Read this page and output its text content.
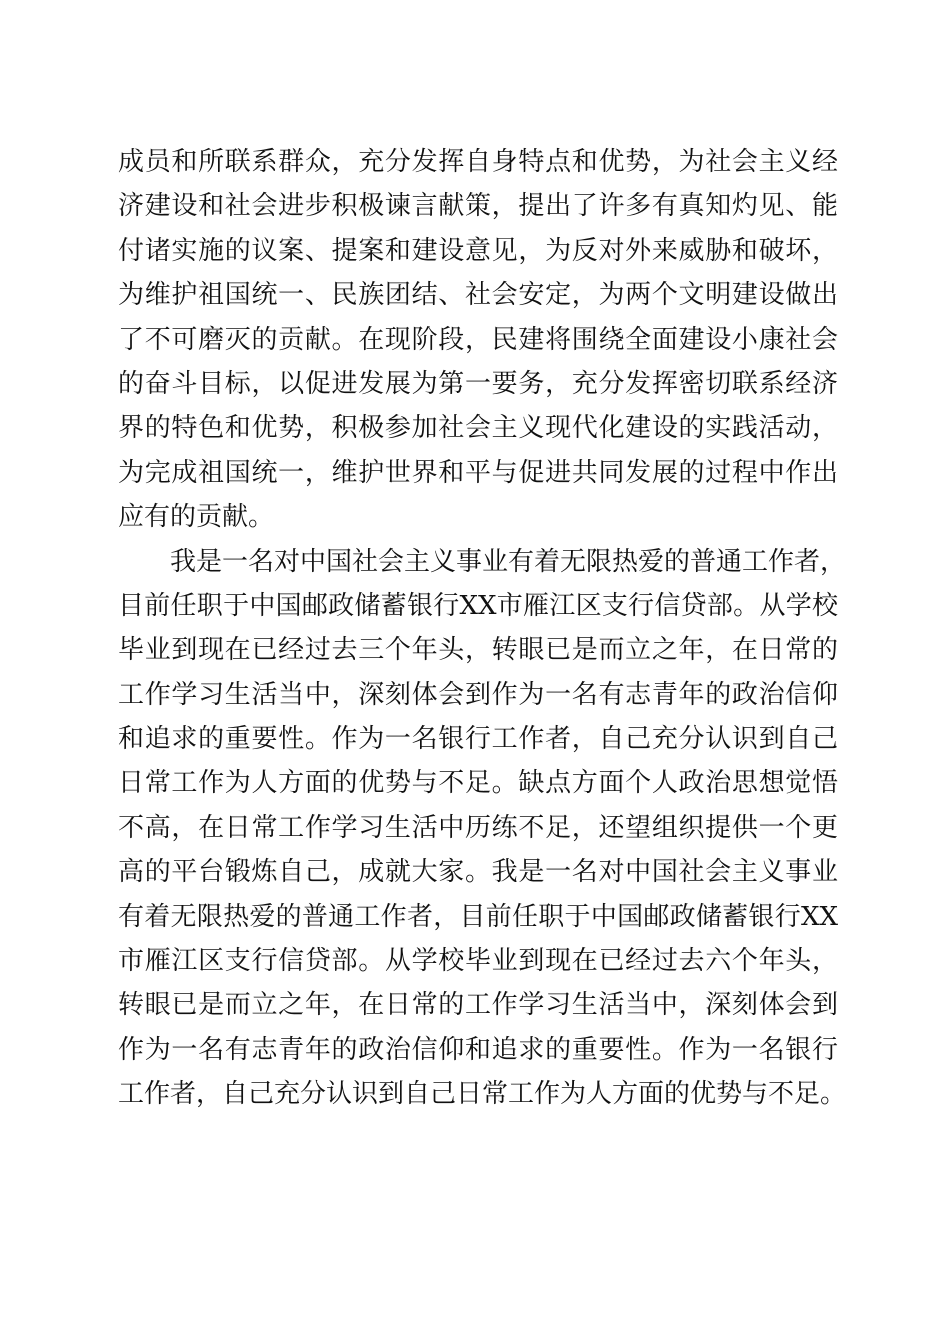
成员和所联系群众，充分发挥自身特点和优势，为社会主义经
济建设和社会进步积极谏言献策，提出了许多有真知灼见、能
付诸实施的议案、提案和建设意见，为反对外来威胁和破坏，
为维护祖国统一、民族团结、社会安定，为两个文明建设做出
了不可磨灭的贡献。在现阶段，民建将围绕全面建设小康社会
的奋斗目标，以促进发展为第一要务，充分发挥密切联系经济
界的特色和优势，积极参加社会主义现代化建设的实践活动，
为完成祖国统一，维护世界和平与促进共同发展的过程中作出
应有的贡献。
我是一名对中国社会主义事业有着无限热爱的普通工作者，
目前任职于中国邮政储蓄银行XX市雁江区支行信贷部。从学校
毕业到现在已经过去三个年头，转眼已是而立之年，在日常的
工作学习生活当中，深刻体会到作为一名有志青年的政治信仰
和追求的重要性。作为一名银行工作者，自己充分认识到自己
日常工作为人方面的优势与不足。缺点方面个人政治思想觉悟
不高，在日常工作学习生活中历练不足，还望组织提供一个更
高的平台锻炼自己，成就大家。我是一名对中国社会主义事业
有着无限热爱的普通工作者，目前任职于中国邮政储蓄银行XX
市雁江区支行信贷部。从学校毕业到现在已经过去六个年头，
转眼已是而立之年，在日常的工作学习生活当中，深刻体会到
作为一名有志青年的政治信仰和追求的重要性。作为一名银行
工作者，自己充分认识到自己日常工作为人方面的优势与不足。
